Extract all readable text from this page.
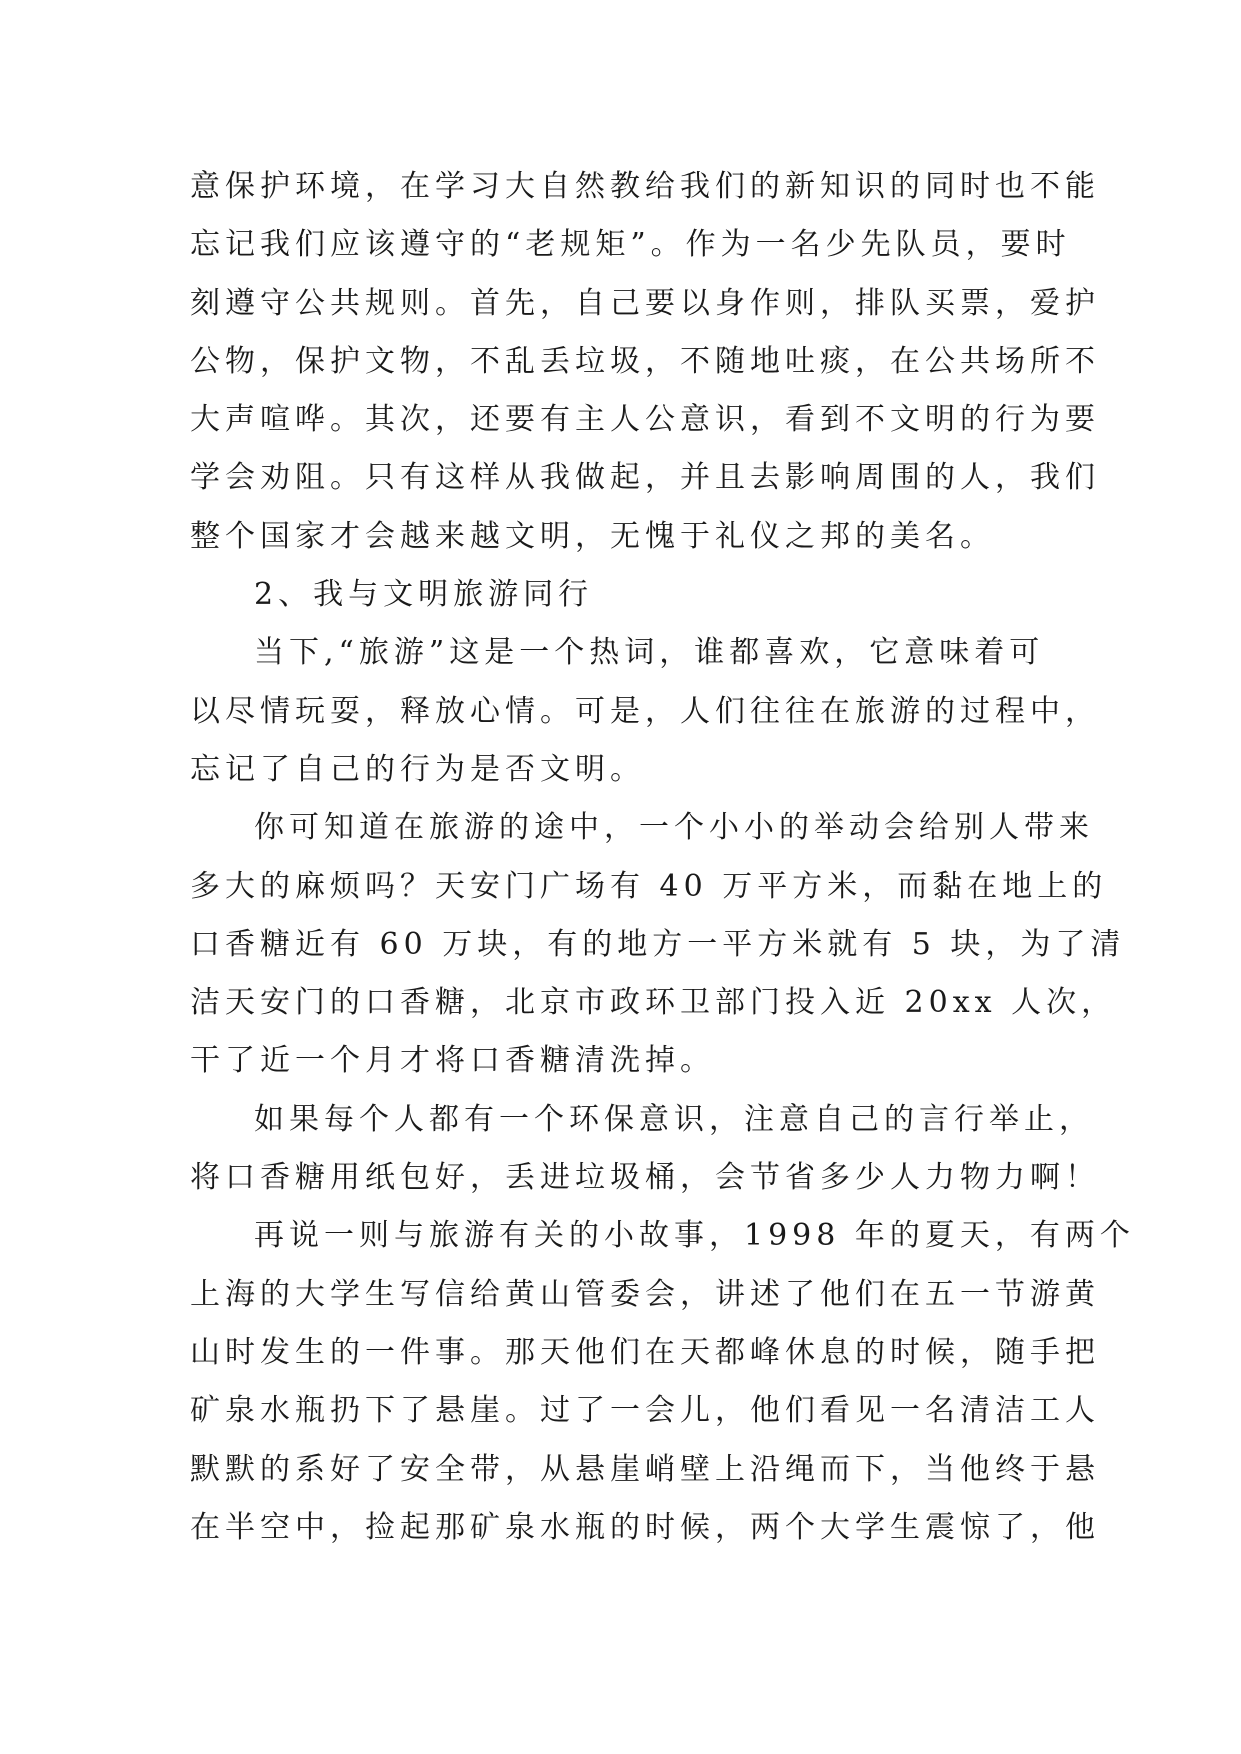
意保护环境，在学习大自然教给我们的新知识的同时也不能
忘记我们应该遵守的“老规矩”。作为一名少先队员，要时
刻遵守公共规则。首先，自己要以身作则，排队买票，爱护
公物，保护文物，不乱丢垃圾，不随地吐痰，在公共场所不
大声喧哗。其次，还要有主人公意识，看到不文明的行为要
学会劝阻。只有这样从我做起，并且去影响周围的人，我们
整个国家才会越来越文明，无愧于礼仪之邦的美名。
2、我与文明旅游同行
当下,“旅游”这是一个热词，谁都喜欢，它意味着可
以尽情玩耍，释放心情。可是，人们往往在旅游的过程中，
忘记了自己的行为是否文明。
你可知道在旅游的途中，一个小小的举动会给别人带来
多大的麻烦吗？天安门广场有 40 万平方米，而黏在地上的
口香糖近有 60 万块，有的地方一平方米就有 5 块，为了清
洁天安门的口香糖，北京市政环卫部门投入近 20xx 人次，
干了近一个月才将口香糖清洗掉。
如果每个人都有一个环保意识，注意自己的言行举止，
将口香糖用纸包好，丢进垃圾桶，会节省多少人力物力啊！
再说一则与旅游有关的小故事，1998 年的夏天，有两个
上海的大学生写信给黄山管委会，讲述了他们在五一节游黄
山时发生的一件事。那天他们在天都峰休息的时候，随手把
矿泉水瓶扔下了悬崖。过了一会儿，他们看见一名清洁工人
默默的系好了安全带，从悬崖峭壁上沿绳而下，当他终于悬
在半空中，捡起那矿泉水瓶的时候，两个大学生震惊了，他
